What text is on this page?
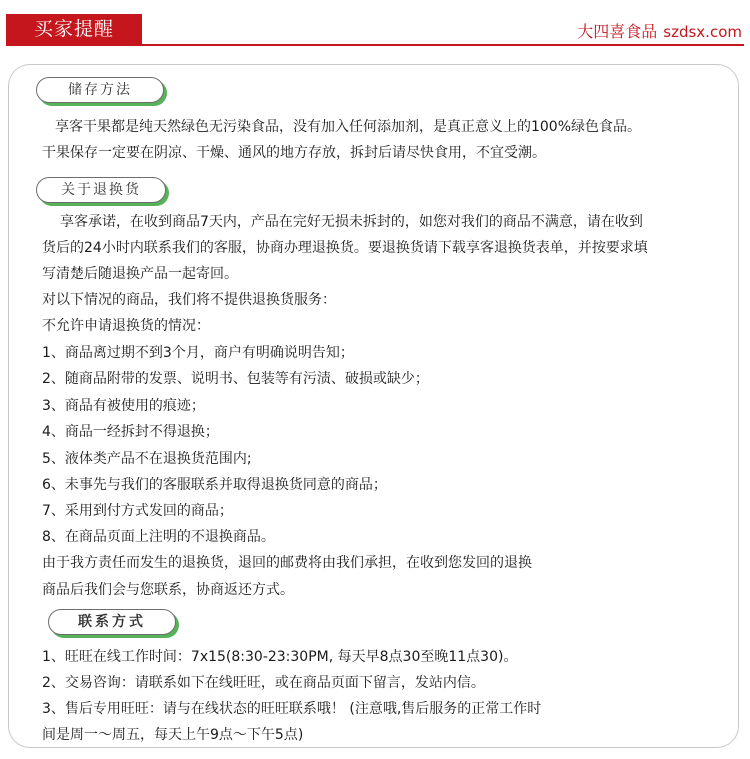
买家提醒	大四喜食品 szdsx.com
储存方法
享客干果都是纯天然绿色无污染食品，没有加入任何添加剂，是真正意义上的100%绿色食品。
干果保存一定要在阴凉、干燥、通风的地方存放，拆封后请尽快食用，不宜受潮。
关于退换货
享客承诺，在收到商品7天内，产品在完好无损未拆封的，如您对我们的商品不满意，请在收到
货后的24小时内联系我们的客服，协商办理退换货。要退换货请下载享客退换货表单，并按要求填
写清楚后随退换产品一起寄回。
对以下情况的商品，我们将不提供退换货服务：
不允许申请退换货的情况：
1、商品离过期不到3个月，商户有明确说明告知；
2、随商品附带的发票、说明书、包装等有污渍、破损或缺少；
3、商品有被使用的痕迹；
4、商品一经拆封不得退换；
5、液体类产品不在退换货范围内;
6、未事先与我们的客服联系并取得退换货同意的商品；
7、采用到付方式发回的商品；
8、在商品页面上注明的不退换商品。
由于我方责任而发生的退换货，退回的邮费将由我们承担，在收到您发回的退换
商品后我们会与您联系，协商返还方式。
联系方式
1、旺旺在线工作时间：7x15(8:30-23:30PM, 每天早8点30至晚11点30)。
2、交易咨询：请联系如下在线旺旺，或在商品页面下留言，发站内信。
3、售后专用旺旺：请与在线状态的旺旺联系哦！ (注意哦,售后服务的正常工作时
间是周一～周五，每天上午9点～下午5点)
